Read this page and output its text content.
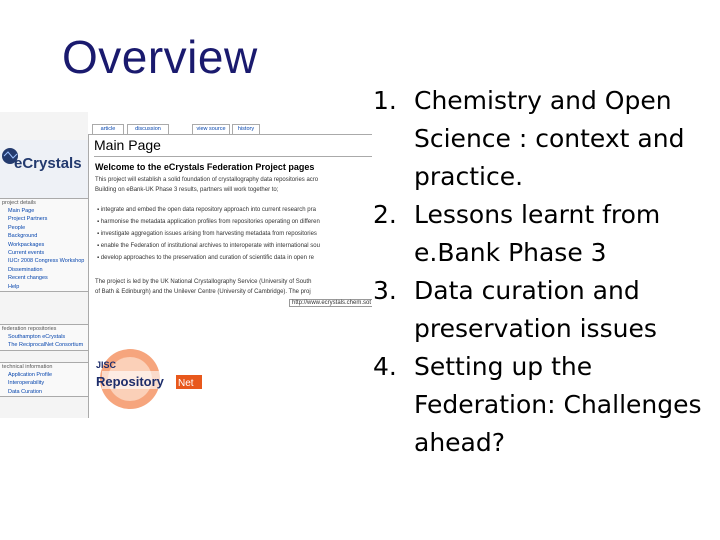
Overview
eCrystals
project details
Main Page
Project Partners
People
Background
Workpackages
Current events
IUCr 2008 Congress Workshop
Dissemination
Recent changes
Help
federation repositories
Southampton eCrystals
The ReciprocalNet Consortium
technical information
Application Profile
Interoperability
Data Curation
article	discussion	view source	history
Main Page
Welcome to the eCrystals Federation Project pages
This project will establish a solid foundation of crystallography data repositories acro
Building on eBank-UK Phase 3 results, partners will work together to;
▪ integrate and embed the open data repository approach into current research pra
▪ harmonise the metadata application profiles from repositories operating on differen
▪ investigate aggregation issues arising from harvesting metadata from repositories
▪ enable the Federation of institutional archives to interoperate with international sou
▪ develop approaches to the preservation and curation of scientific data in open re
The project is led by the UK National Crystallography Service (University of South
of Bath & Edinburgh) and the Unilever Centre (University of Cambridge). The proj
http://www.ecrystals.chem.sot
JISC
Repository Net
1. Chemistry and Open Science : context and practice.
2. Lessons learnt from e.Bank Phase 3
3. Data curation and preservation issues
4. Setting up the Federation: Challenges ahead?
